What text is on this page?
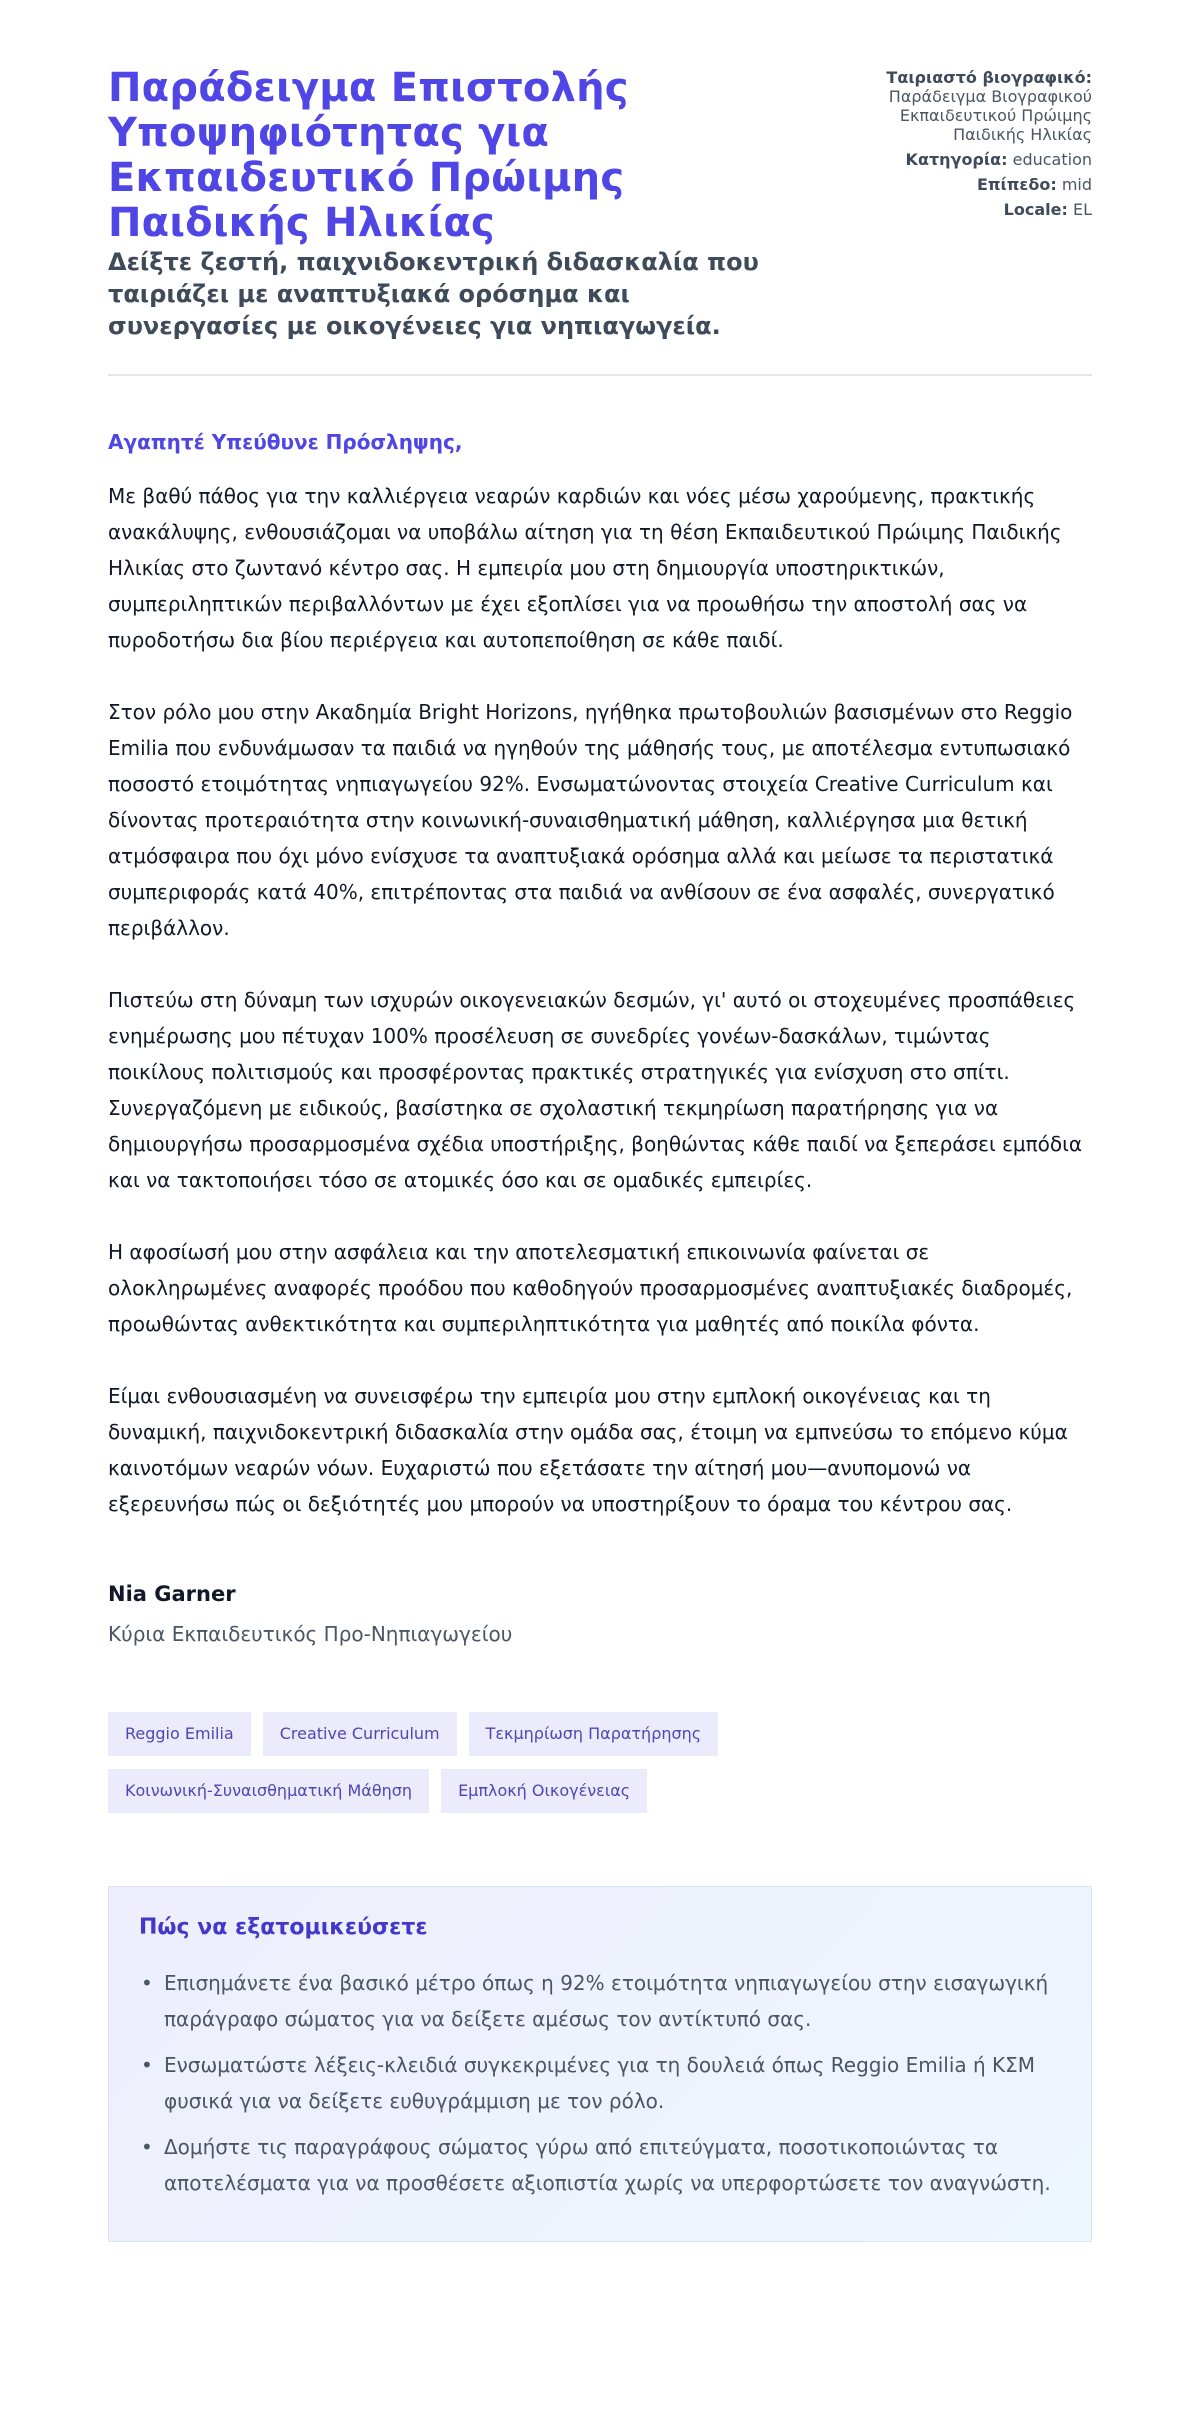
Παράδειγμα Επιστολής Υποψηφιότητας για Εκπαιδευτικό Πρώιμης Παιδικής Ηλικίας
Δείξτε ζεστή, παιχνιδοκεντρική διδασκαλία που ταιριάζει με αναπτυξιακά ορόσημα και συνεργασίες με οικογένειες για νηπιαγωγεία.
Ταιριαστό βιογραφικό:
Παράδειγμα Βιογραφικού Εκπαιδευτικού Πρώιμης Παιδικής Ηλικίας
Κατηγορία: education
Επίπεδο: mid
Locale: EL

Αγαπητέ Υπεύθυνε Πρόσληψης,

Με βαθύ πάθος για την καλλιέργεια νεαρών καρδιών και νόες μέσω χαρούμενης, πρακτικής ανακάλυψης, ενθουσιάζομαι να υποβάλω αίτηση για τη θέση Εκπαιδευτικού Πρώιμης Παιδικής Ηλικίας στο ζωντανό κέντρο σας. Η εμπειρία μου στη δημιουργία υποστηρικτικών, συμπεριληπτικών περιβαλλόντων με έχει εξοπλίσει για να προωθήσω την αποστολή σας να πυροδοτήσω δια βίου περιέργεια και αυτοπεποίθηση σε κάθε παιδί.

Στον ρόλο μου στην Ακαδημία Bright Horizons, ηγήθηκα πρωτοβουλιών βασισμένων στο Reggio Emilia που ενδυνάμωσαν τα παιδιά να ηγηθούν της μάθησής τους, με αποτέλεσμα εντυπωσιακό ποσοστό ετοιμότητας νηπιαγωγείου 92%. Ενσωματώνοντας στοιχεία Creative Curriculum και δίνοντας προτεραιότητα στην κοινωνική-συναισθηματική μάθηση, καλλιέργησα μια θετική ατμόσφαιρα που όχι μόνο ενίσχυσε τα αναπτυξιακά ορόσημα αλλά και μείωσε τα περιστατικά συμπεριφοράς κατά 40%, επιτρέποντας στα παιδιά να ανθίσουν σε ένα ασφαλές, συνεργατικό περιβάλλον.

Πιστεύω στη δύναμη των ισχυρών οικογενειακών δεσμών, γι' αυτό οι στοχευμένες προσπάθειες ενημέρωσης μου πέτυχαν 100% προσέλευση σε συνεδρίες γονέων-δασκάλων, τιμώντας ποικίλους πολιτισμούς και προσφέροντας πρακτικές στρατηγικές για ενίσχυση στο σπίτι. Συνεργαζόμενη με ειδικούς, βασίστηκα σε σχολαστική τεκμηρίωση παρατήρησης για να δημιουργήσω προσαρμοσμένα σχέδια υποστήριξης, βοηθώντας κάθε παιδί να ξεπεράσει εμπόδια και να τακτοποιήσει τόσο σε ατομικές όσο και σε ομαδικές εμπειρίες.

Η αφοσίωσή μου στην ασφάλεια και την αποτελεσματική επικοινωνία φαίνεται σε ολοκληρωμένες αναφορές προόδου που καθοδηγούν προσαρμοσμένες αναπτυξιακές διαδρομές, προωθώντας ανθεκτικότητα και συμπεριληπτικότητα για μαθητές από ποικίλα φόντα.

Είμαι ενθουσιασμένη να συνεισφέρω την εμπειρία μου στην εμπλοκή οικογένειας και τη δυναμική, παιχνιδοκεντρική διδασκαλία στην ομάδα σας, έτοιμη να εμπνεύσω το επόμενο κύμα καινοτόμων νεαρών νόων. Ευχαριστώ που εξετάσατε την αίτησή μου—ανυπομονώ να εξερευνήσω πώς οι δεξιότητές μου μπορούν να υποστηρίξουν το όραμα του κέντρου σας.

Nia Garner
Κύρια Εκπαιδευτικός Προ-Νηπιαγωγείου
Reggio Emilia	Creative Curriculum	Τεκμηρίωση Παρατήρησης
Κοινωνική-Συναισθηματική Μάθηση	Εμπλοκή Οικογένειας
Πώς να εξατομικεύσετε
• Επισημάνετε ένα βασικό μέτρο όπως η 92% ετοιμότητα νηπιαγωγείου στην εισαγωγική παράγραφο σώματος για να δείξετε αμέσως τον αντίκτυπό σας.
• Ενσωματώστε λέξεις-κλειδιά συγκεκριμένες για τη δουλειά όπως Reggio Emilia ή ΚΣΜ φυσικά για να δείξετε ευθυγράμμιση με τον ρόλο.
• Δομήστε τις παραγράφους σώματος γύρω από επιτεύγματα, ποσοτικοποιώντας τα αποτελέσματα για να προσθέσετε αξιοπιστία χωρίς να υπερφορτώσετε τον αναγνώστη.
